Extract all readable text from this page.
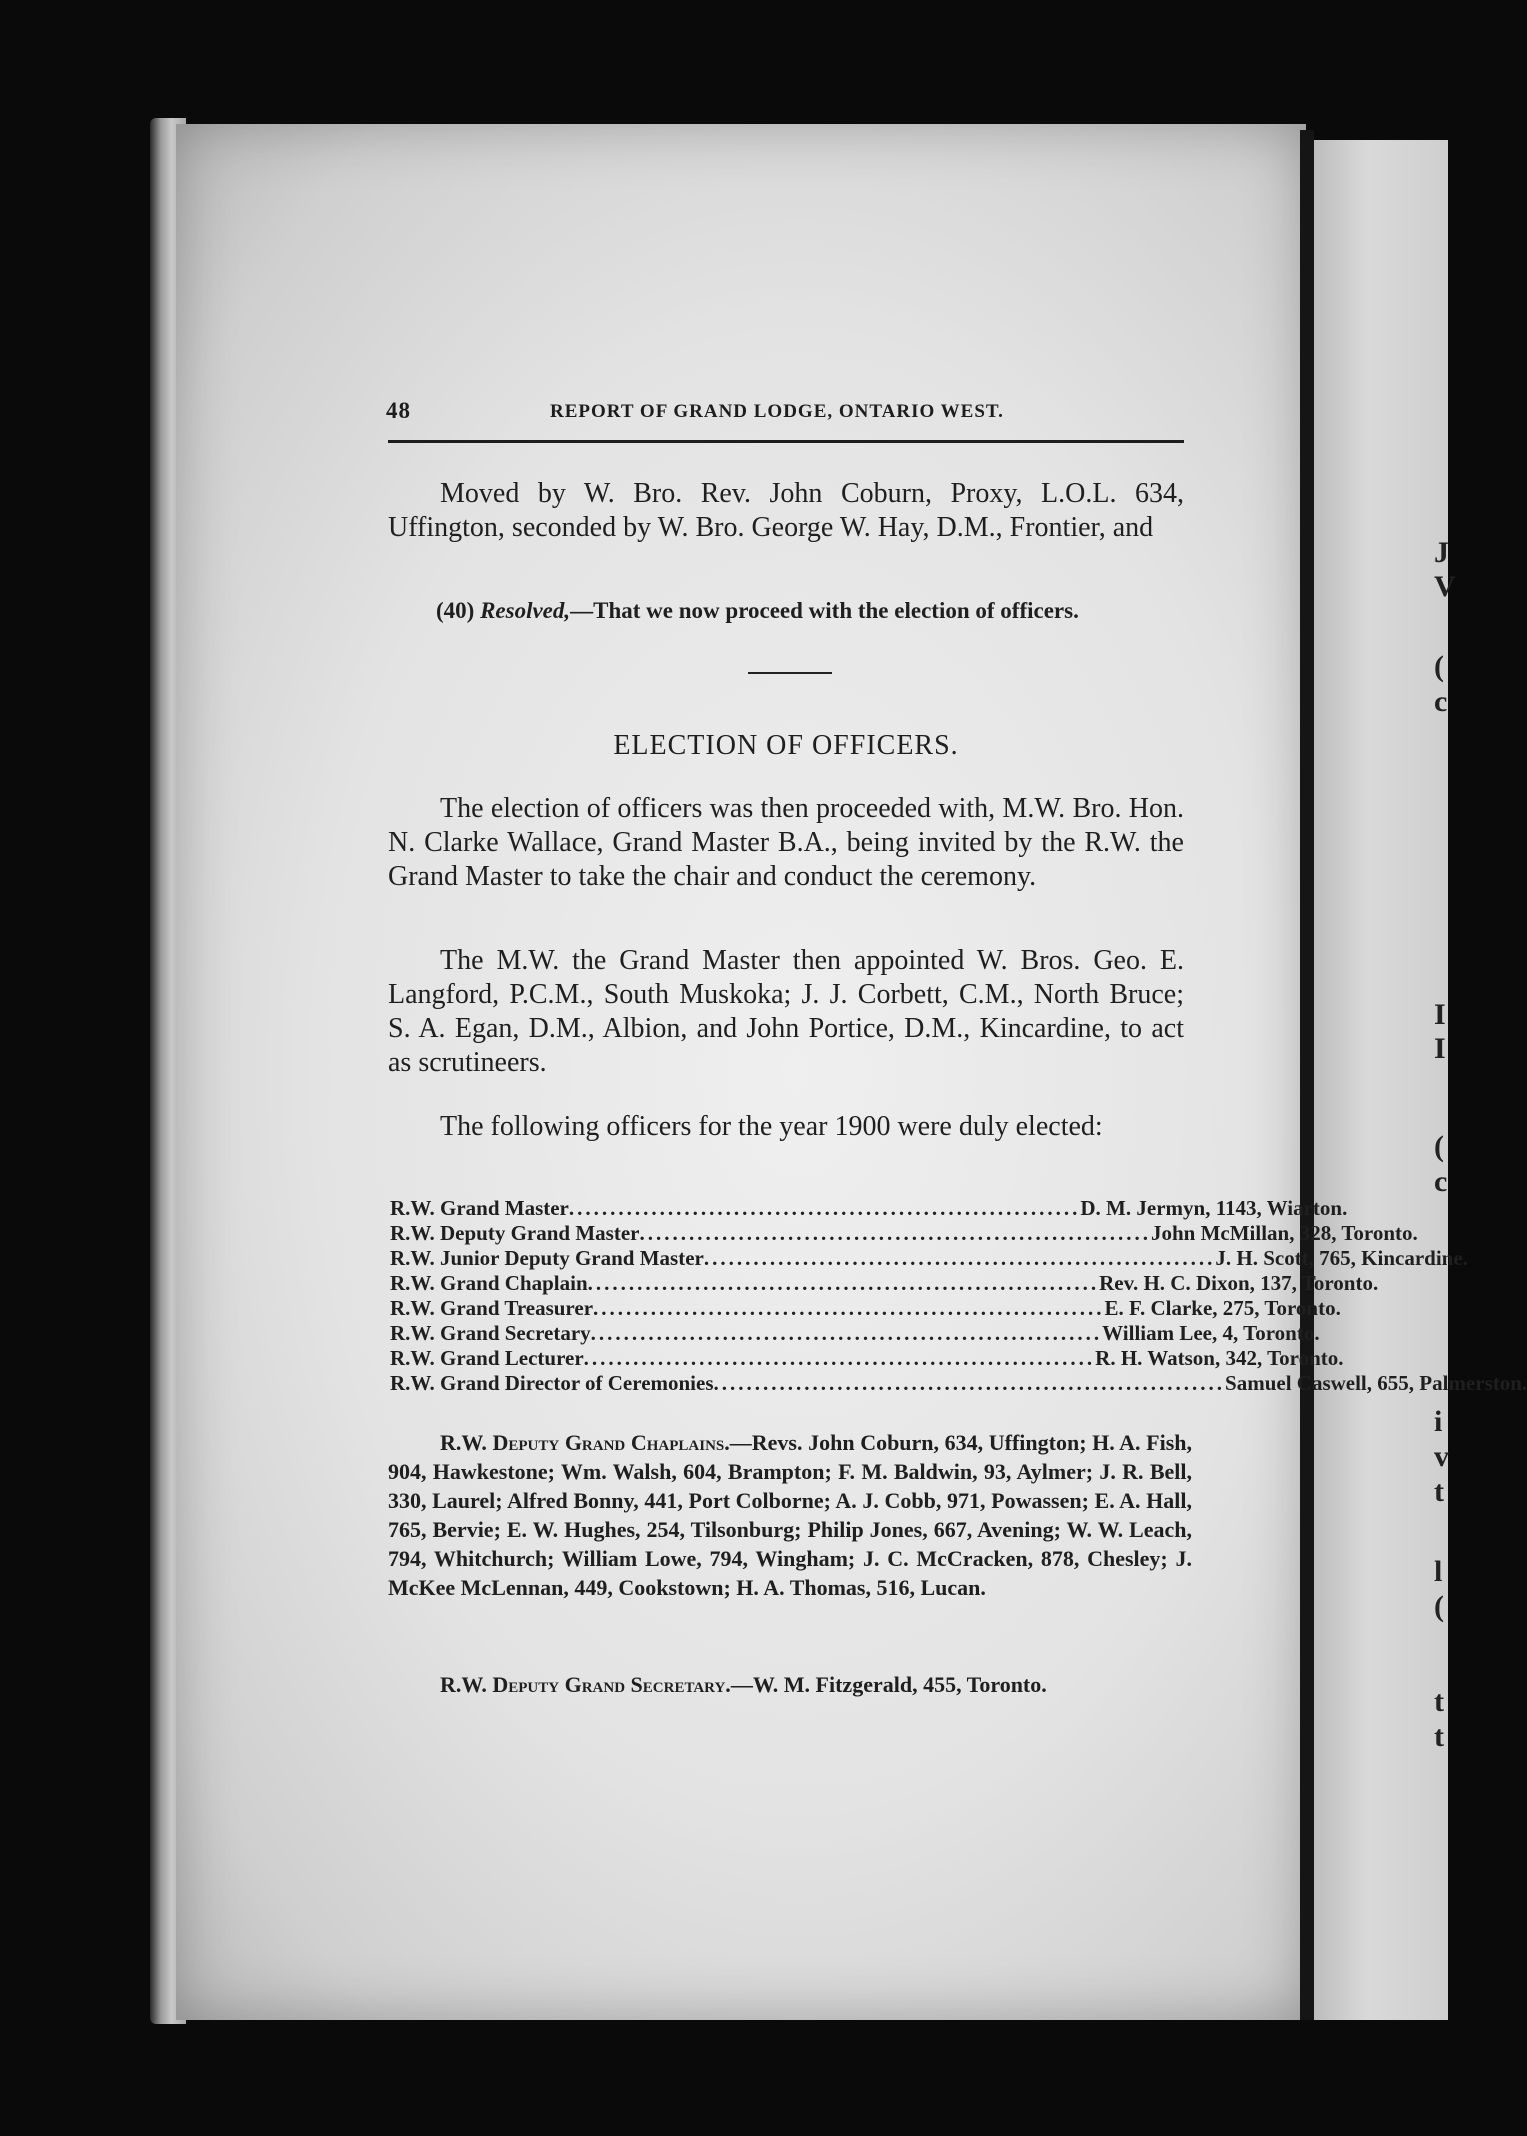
J
V
(
c
I
I
(
c
i
v
t
l
(
t
t
48	REPORT OF GRAND LODGE, ONTARIO WEST.
Moved by W. Bro. Rev. John Coburn, Proxy, L.O.L. 634, Uffington, seconded by W. Bro. George W. Hay, D.M., Frontier, and
(40) Resolved,—That we now proceed with the election of officers.
ELECTION OF OFFICERS.
The election of officers was then proceeded with, M.W. Bro. Hon. N. Clarke Wallace, Grand Master B.A., being invited by the R.W. the Grand Master to take the chair and conduct the ceremony.
The M.W. the Grand Master then appointed W. Bros. Geo. E. Langford, P.C.M., South Muskoka; J. J. Corbett, C.M., North Bruce; S. A. Egan, D.M., Albion, and John Portice, D.M., Kincardine, to act as scrutineers.
The following officers for the year 1900 were duly elected:
R.W. Grand Master .............................................................. D. M. Jermyn, 1143, Wiarton.
R.W. Deputy Grand Master .............................................................. John McMillan, 328, Toronto.
R.W. Junior Deputy Grand Master .............................................................. J. H. Scott, 765, Kincardine.
R.W. Grand Chaplain .............................................................. Rev. H. C. Dixon, 137, Toronto.
R.W. Grand Treasurer .............................................................. E. F. Clarke, 275, Toronto.
R.W. Grand Secretary .............................................................. William Lee, 4, Toronto.
R.W. Grand Lecturer .............................................................. R. H. Watson, 342, Toronto.
R.W. Grand Director of Ceremonies .............................................................. Samuel Caswell, 655, Palmerston.
R.W. Deputy Grand Chaplains.—Revs. John Coburn, 634, Uffington; H. A. Fish, 904, Hawkestone; Wm. Walsh, 604, Brampton; F. M. Baldwin, 93, Aylmer; J. R. Bell, 330, Laurel; Alfred Bonny, 441, Port Colborne; A. J. Cobb, 971, Powassen; E. A. Hall, 765, Bervie; E. W. Hughes, 254, Tilsonburg; Philip Jones, 667, Avening; W. W. Leach, 794, Whitchurch; William Lowe, 794, Wingham; J. C. McCracken, 878, Chesley; J. McKee McLennan, 449, Cookstown; H. A. Thomas, 516, Lucan.
R.W. Deputy Grand Secretary.—W. M. Fitzgerald, 455, Toronto.
